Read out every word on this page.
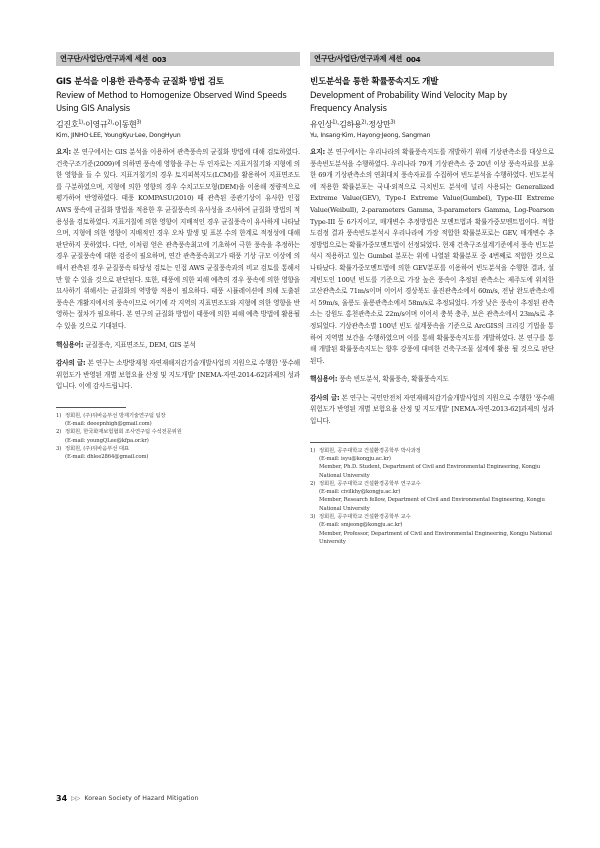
연구단/사업단/연구과제 세션 003
GIS 분석을 이용한 관측풍속 균질화 방법 검토
Review of Method to Homogenize Observed Wind Speeds
Using GIS Analysis
김진호$^{1)}$·이영규$^{2)}$·이동현$^{3)}$
Kim, JINHO·LEE, YoungKyu·Lee, DongHyun
요지: 본 연구에서는 GIS 분석을 이용하여 관측풍속의 균질화 방법에 대해 검토하였다. 건축구조기준(2009)에 의하면 풍속에 영향을 주는 두 인자로는 지표거칠기와 지형에 의한 영향을 들 수 있다. 지표거칠기의 경우 토지피복지도(LCM)를 활용하여 지표면조도를 구분하였으며, 지형에 의한 영향의 경우 수치고도모형(DEM)을 이용해 정량적으로 평가하여 반영하였다. 태풍 KOMPASU(2010) 때 관측된 종관기상이 유사한 인접 AWS 풍속에 균질화 방법을 적용한 후 균질풍속의 유사성을 조사하여 균질화 방법의 적용성을 검토하였다. 지표거칠에 의한 영향이 지배적인 경우 균질풍속이 유사하게 나타났으며, 지형에 의한 영향이 지배적인 경우 오차 발생 및 표본 수의 한계로 적정성에 대해 판단하지 못하였다. 다만, 이처럼 얻은 관측풍속최고에 기초하여 극한 풍속을 추정하는 경우 균질풍속에 대한 검증이 필요하며, 연간 관측풍속최고가 태풍 기상 규모 이상에 의해서 관측된 경우 균질풍속 타당성 검토는 인접 AWS 균질풍속과의 비교 검토를 통해서만 할 수 있을 것으로 판단된다. 또한, 태풍에 의한 피해 예측의 경우 풍속에 의한 영향을 묘사하기 위해서는 균질화의 역방향 적용이 필요하다. 태풍 시뮬레이션에 의해 도출된 풍속은 개활지에서의 풍속이므로 여기에 각 지역의 지표면조도와 지형에 의한 영향을 반영하는 절차가 필요하다. 본 연구의 균질화 방법이 태풍에 의한 피해 예측 방법에 활용될 수 있을 것으로 기대된다.
핵심용어: 균질풍속, 지표면조도, DEM, GIS 분석
감사의 글: 본 연구는 소방방재청 자연재해저감기술개발사업의 지원으로 수행한 '풍수해 위험도가 반영된 개별 보험요율 산정 및 지도개발' [NEMA-자연-2014-62]과제의 성과입니다. 이에 감사드립니다.
1) 정회원, (주)뒤바음부선 방재기술연구팀 팀장
(E-mail: deeepnhigh@gmail.com)
2) 정회원, 한국화재보험협회 조사연구팀 수석전문위원
(E-mail: youngQLee@kfpa.or.kr)
3) 정회원, (주)뒤바음부선 대표
(E-mail: dhlee2864@gmail.com)
연구단/사업단/연구과제 세션 004
빈도분석을 통한 확률풍속지도 개발
Development of Probability Wind Velocity Map by
Frequency Analysis
유인상$^{1)}$·김하용$^{2)}$·정상만$^{3)}$
Yu, Insang·Kim, Hayong·Jeong, Sangman
요지: 본 연구에서는 우리나라의 확률풍속지도를 개발하기 위해 기상관측소를 대상으로 풍속빈도분석을 수행하였다. 우리나라 79개 기상관측소 중 20년 이상 풍속자료를 보유한 69개 기상관측소의 연최대치 풍속자료를 수집하여 빈도분석을 수행하였다. 빈도분석에 적용한 확률분포는 국내·외적으로 극치빈도 분석에 널리 사용되는 Generalized Extreme Value(GEV), Type-I Extreme Value(Gumbel), Type-III Extreme Value(Weibull), 2-parameters Gamma, 3-parameters Gamma, Log-Pearson Type-III 등 6가지이고, 매개변수 추정방법은 모멘트법과 확률가중모멘트법이다. 적합도검정 결과 풍속빈도분석시 우리나라에 가장 적합한 확률분포로는 GEV, 매개변수 추정방법으로는 확률가중모멘트법이 선정되었다. 현재 건축구조설계기준에서 풍속 빈도분석시 적용하고 있는 Gumbel 분포는 위에 나열된 확률분포 중 4번째로 적합한 것으로 나타났다. 확률가중모멘트법에 의한 GEV분포를 이용하여 빈도분석을 수행한 결과, 설계빈도인 100년 빈도를 기준으로 가장 높은 풍속이 추정된 관측소는 제주도에 위치한 고산관측소로 71m/s이며 이어서 경상북도 울진관측소에서 60m/s, 전남 완도관측소에서 59m/s, 울릉도 울릉관측소에서 58m/s로 추정되었다. 가장 낮은 풍속이 추정된 관측소는 강원도 홍천관측소로 22m/s이며 이어서 충북 충주, 보은 관측소에서 23m/s로 추정되었다. 기상관측소별 100년 빈도 설계풍속을 기준으로 ArcGIS의 크리깅 기법을 통하여 지역별 보간을 수행하였으며 이를 통해 확률풍속지도를 개발하였다. 본 연구를 통해 개발된 확률풍속지도는 향후 강풍에 대비한 건축구조물 설계에 활용 될 것으로 판단된다.
핵심용어: 풍속 빈도분석, 확률풍속, 확률풍속지도
감사의 글: 본 연구는 국민안전처 자연재해저감기술개발사업의 지원으로 수행한 '풍수해 위험도가 반영된 개별 보험요율 산정 및 지도개발' [NEMA-자연-2013-62]과제의 성과입니다.
1) 정회원, 공주대학교 건설환경공학부 박사과정
(E-mail: isyu@kongju.ac.kr)
Member, Ph.D. Student, Department of Civil and Environmental Engineering, Kongju National University
2) 정회원, 공주대학교 건설환경공학부 연구교수
(E-mail: civilkhy@kongju.ac.kr)
Member, Research fellow, Department of Civil and Environmental Engineering, Kongju National University
3) 정회원, 공주대학교 건설환경공학부 교수
(E-mail: smjeong@kongju.ac.kr)
Member, Professor, Department of Civil and Environmental Engineering, Kongju National University
34 ▷▷ Korean Society of Hazard Mitigation
